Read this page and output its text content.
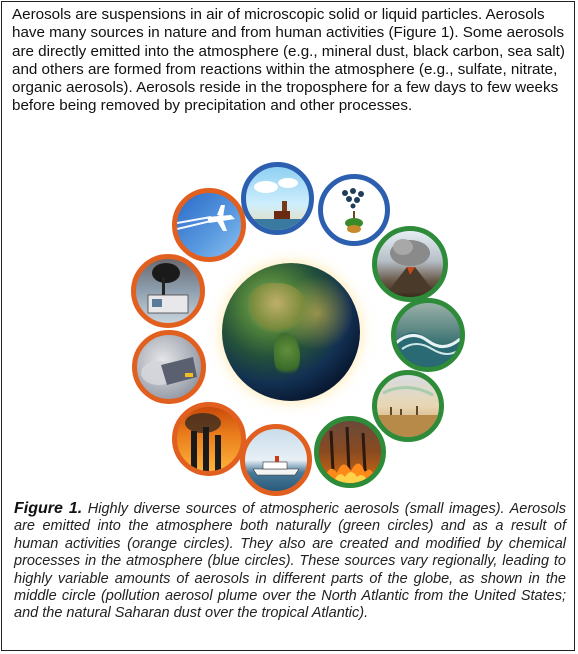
Aerosols are suspensions in air of microscopic solid or liquid particles. Aerosols have many sources in nature and from human activities (Figure 1). Some aerosols are directly emitted into the atmosphere (e.g., mineral dust, black carbon, sea salt) and others are formed from reactions within the atmosphere (e.g., sulfate, nitrate, organic aerosols). Aerosols reside in the troposphere for a few days to few weeks before being removed by precipitation and other processes.

Figure 1. Highly diverse sources of atmospheric aerosols (small images). Aerosols are emitted into the atmosphere both naturally (green circles) and as a result of human activities (orange circles). They also are created and modified by chemical processes in the atmosphere (blue circles). These sources vary regionally, leading to highly variable amounts of aerosols in different parts of the globe, as shown in the middle circle (pollution aerosol plume over the North Atlantic from the United States; and the natural Saharan dust over the tropical Atlantic).
